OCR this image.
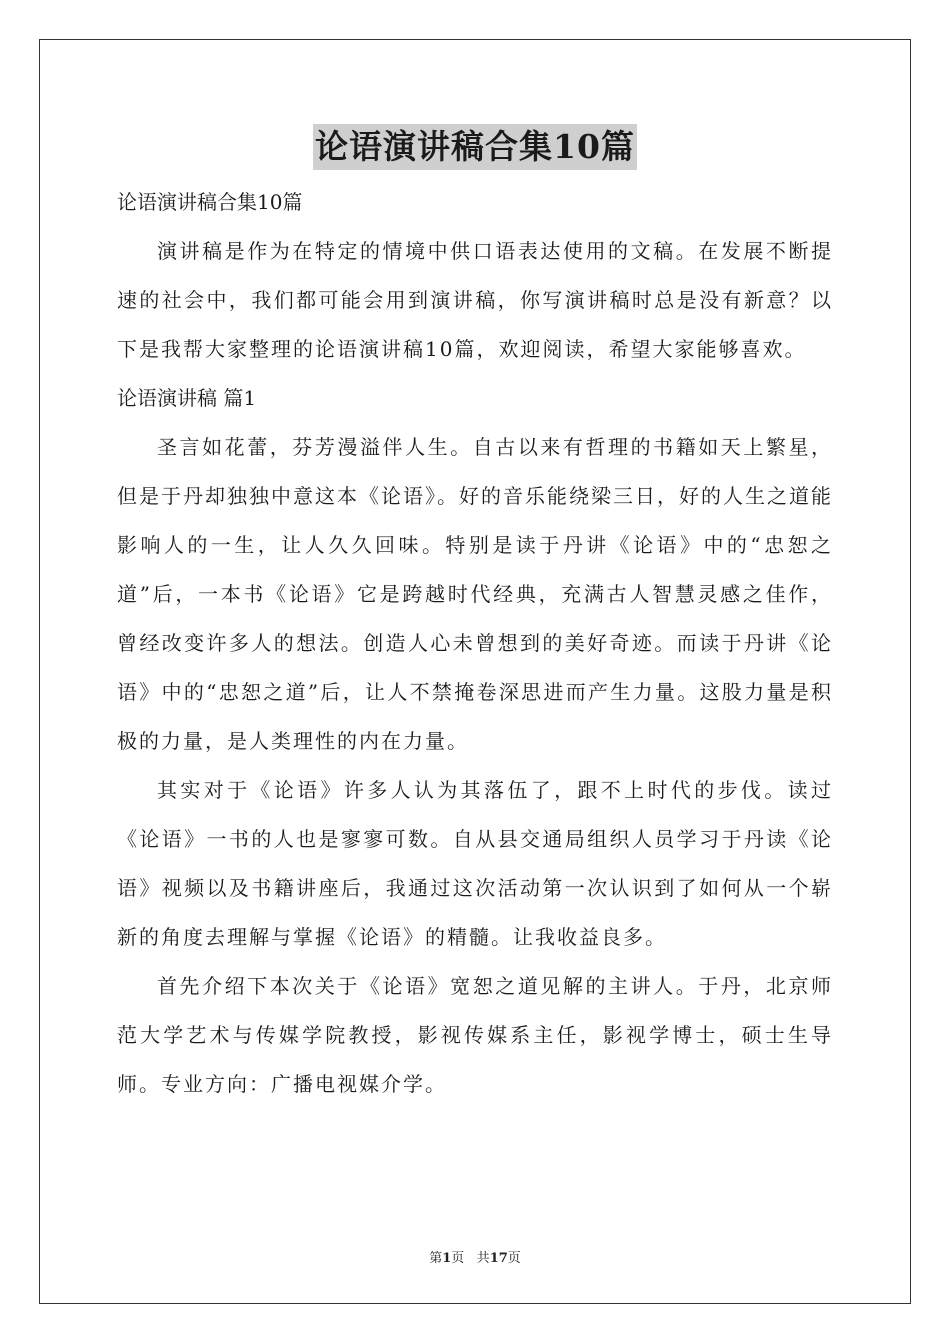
论语演讲稿合集10篇

论语演讲稿合集10篇

演讲稿是作为在特定的情境中供口语表达使用的文稿。在发展不断提速的社会中，我们都可能会用到演讲稿，你写演讲稿时总是没有新意？以下是我帮大家整理的论语演讲稿10篇，欢迎阅读，希望大家能够喜欢。

论语演讲稿 篇1

圣言如花蕾，芬芳漫溢伴人生。自古以来有哲理的书籍如天上繁星，但是于丹却独独中意这本《论语》。好的音乐能绕梁三日，好的人生之道能影响人的一生，让人久久回味。特别是读于丹讲《论语》中的“忠恕之道”后，一本书《论语》它是跨越时代经典，充满古人智慧灵感之佳作，曾经改变许多人的想法。创造人心未曾想到的美好奇迹。而读于丹讲《论语》中的“忠恕之道”后，让人不禁掩卷深思进而产生力量。这股力量是积极的力量，是人类理性的内在力量。

其实对于《论语》许多人认为其落伍了，跟不上时代的步伐。读过《论语》一书的人也是寥寥可数。自从县交通局组织人员学习于丹读《论语》视频以及书籍讲座后，我通过这次活动第一次认识到了如何从一个崭新的角度去理解与掌握《论语》的精髓。让我收益良多。

首先介绍下本次关于《论语》宽恕之道见解的主讲人。于丹，北京师范大学艺术与传媒学院教授，影视传媒系主任，影视学博士，硕士生导师。专业方向：广播电视媒介学。

第1页 共17页
